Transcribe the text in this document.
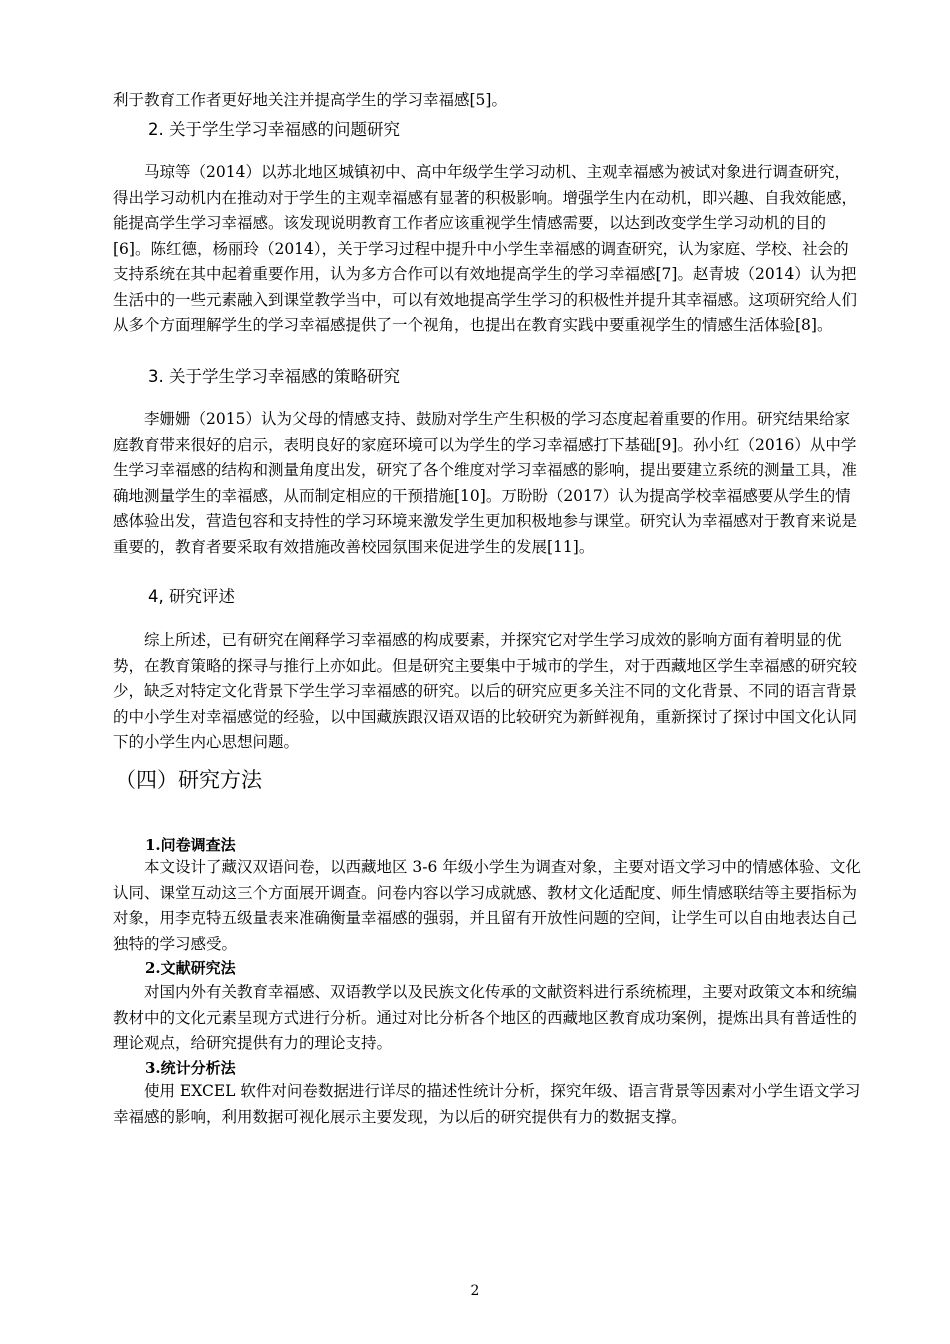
利于教育工作者更好地关注并提高学生的学习幸福感[5]。

2. 关于学生学习幸福感的问题研究

马琼等（2014）以苏北地区城镇初中、高中年级学生学习动机、主观幸福感为被试对象进行调查研究，得出学习动机内在推动对于学生的主观幸福感有显著的积极影响。增强学生内在动机，即兴趣、自我效能感，能提高学生学习幸福感。该发现说明教育工作者应该重视学生情感需要，以达到改变学生学习动机的目的[6]。陈红德，杨丽玲（2014），关于学习过程中提升中小学生幸福感的调查研究，认为家庭、学校、社会的支持系统在其中起着重要作用，认为多方合作可以有效地提高学生的学习幸福感[7]。赵青坡（2014）认为把生活中的一些元素融入到课堂教学当中，可以有效地提高学生学习的积极性并提升其幸福感。这项研究给人们从多个方面理解学生的学习幸福感提供了一个视角，也提出在教育实践中要重视学生的情感生活体验[8]。

3. 关于学生学习幸福感的策略研究

李姗姗（2015）认为父母的情感支持、鼓励对学生产生积极的学习态度起着重要的作用。研究结果给家庭教育带来很好的启示，表明良好的家庭环境可以为学生的学习幸福感打下基础[9]。孙小红（2016）从中学生学习幸福感的结构和测量角度出发，研究了各个维度对学习幸福感的影响，提出要建立系统的测量工具，准确地测量学生的幸福感，从而制定相应的干预措施[10]。万盼盼（2017）认为提高学校幸福感要从学生的情感体验出发，营造包容和支持性的学习环境来激发学生更加积极地参与课堂。研究认为幸福感对于教育来说是重要的，教育者要采取有效措施改善校园氛围来促进学生的发展[11]。

4, 研究评述

综上所述，已有研究在阐释学习幸福感的构成要素，并探究它对学生学习成效的影响方面有着明显的优势，在教育策略的探寻与推行上亦如此。但是研究主要集中于城市的学生，对于西藏地区学生幸福感的研究较少，缺乏对特定文化背景下学生学习幸福感的研究。以后的研究应更多关注不同的文化背景、不同的语言背景的中小学生对幸福感觉的经验，以中国藏族跟汉语双语的比较研究为新鲜视角，重新探讨了探讨中国文化认同下的小学生内心思想问题。

（四）研究方法

1.问卷调查法

本文设计了藏汉双语问卷，以西藏地区 3-6 年级小学生为调查对象，主要对语文学习中的情感体验、文化认同、课堂互动这三个方面展开调查。问卷内容以学习成就感、教材文化适配度、师生情感联结等主要指标为对象，用李克特五级量表来准确衡量幸福感的强弱，并且留有开放性问题的空间，让学生可以自由地表达自己独特的学习感受。

2.文献研究法

对国内外有关教育幸福感、双语教学以及民族文化传承的文献资料进行系统梳理，主要对政策文本和统编教材中的文化元素呈现方式进行分析。通过对比分析各个地区的西藏地区教育成功案例，提炼出具有普适性的理论观点，给研究提供有力的理论支持。

3.统计分析法

使用 EXCEL 软件对问卷数据进行详尽的描述性统计分析，探究年级、语言背景等因素对小学生语文学习幸福感的影响，利用数据可视化展示主要发现，为以后的研究提供有力的数据支撑。

2
